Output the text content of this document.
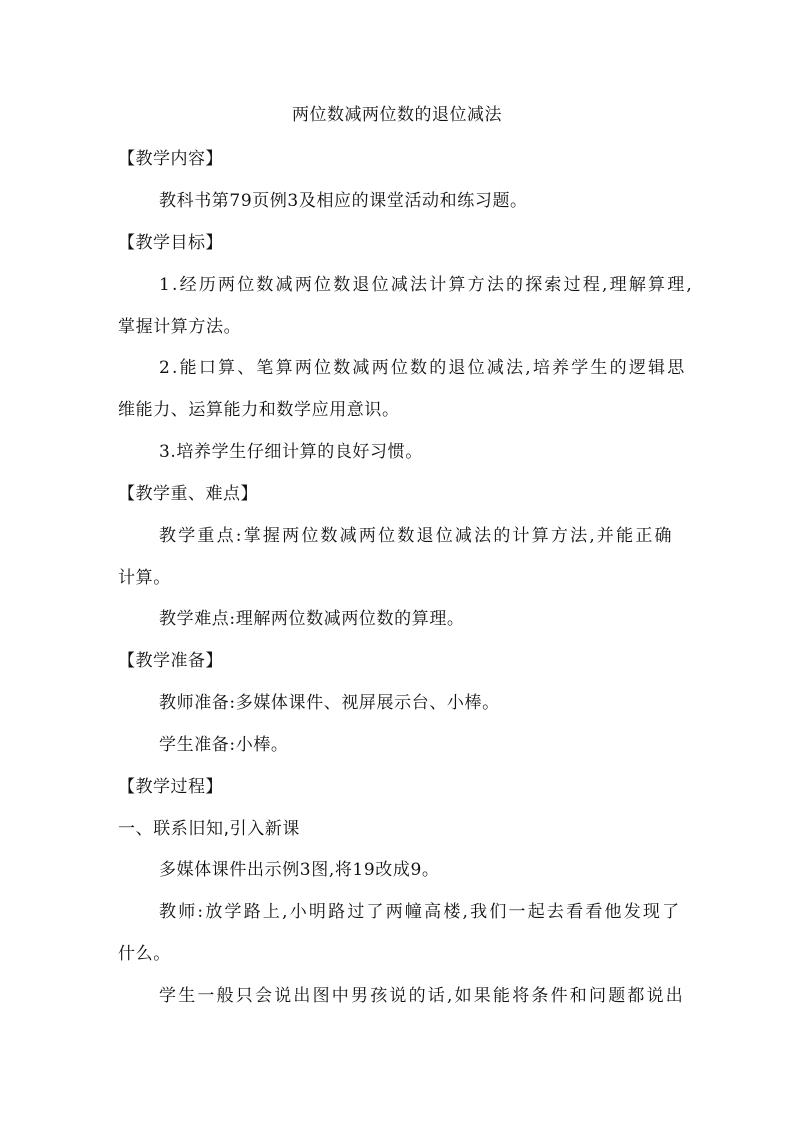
两位数减两位数的退位减法
【教学内容】
教科书第79页例3及相应的课堂活动和练习题。
【教学目标】
1.经历两位数减两位数退位减法计算方法的探索过程,理解算理,
掌握计算方法。
2.能口算、笔算两位数减两位数的退位减法,培养学生的逻辑思
维能力、运算能力和数学应用意识。
3.培养学生仔细计算的良好习惯。
【教学重、难点】
教学重点:掌握两位数减两位数退位减法的计算方法,并能正确
计算。
教学难点:理解两位数减两位数的算理。
【教学准备】
教师准备:多媒体课件、视屏展示台、小棒。
学生准备:小棒。
【教学过程】
一、联系旧知,引入新课
多媒体课件出示例3图,将19改成9。
教师:放学路上,小明路过了两幢高楼,我们一起去看看他发现了
什么。
学生一般只会说出图中男孩说的话,如果能将条件和问题都说出
